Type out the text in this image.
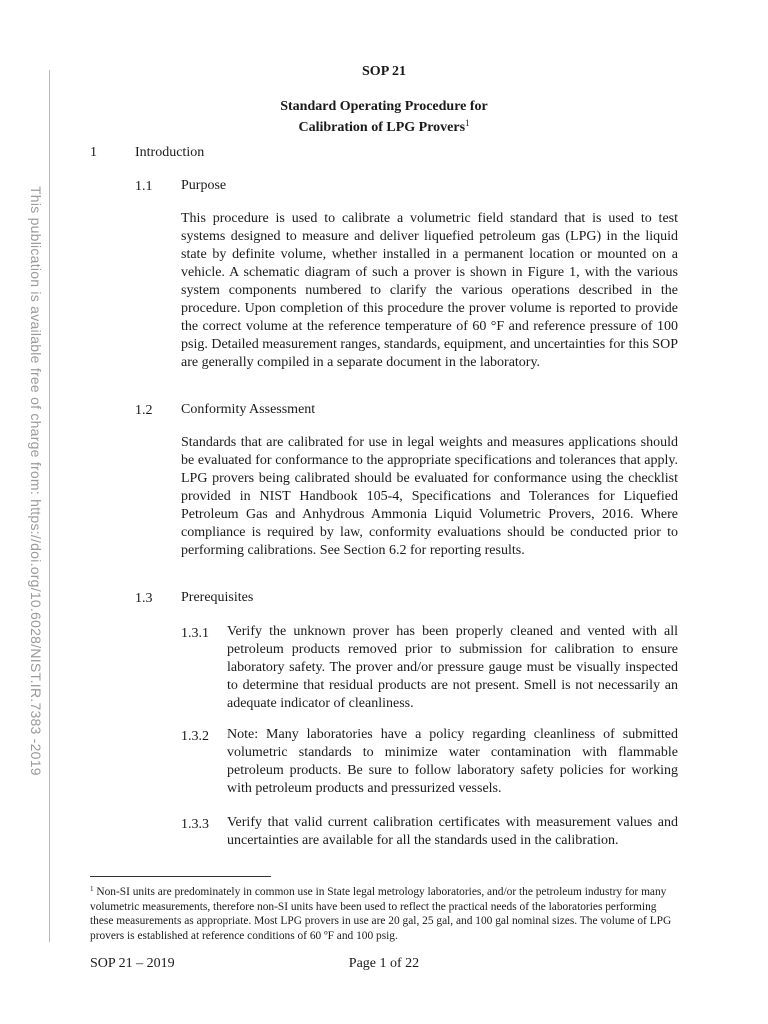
This publication is available free of charge from: https://doi.org/10.6028/NIST.IR.7383 -2019
SOP 21
Standard Operating Procedure for
Calibration of LPG Provers$^1$
1	Introduction
1.1 Purpose
This procedure is used to calibrate a volumetric field standard that is used to test systems designed to measure and deliver liquefied petroleum gas (LPG) in the liquid state by definite volume, whether installed in a permanent location or mounted on a vehicle. A schematic diagram of such a prover is shown in Figure 1, with the various system components numbered to clarify the various operations described in the procedure. Upon completion of this procedure the prover volume is reported to provide the correct volume at the reference temperature of 60 °F and reference pressure of 100 psig. Detailed measurement ranges, standards, equipment, and uncertainties for this SOP are generally compiled in a separate document in the laboratory.
1.2 Conformity Assessment
Standards that are calibrated for use in legal weights and measures applications should be evaluated for conformance to the appropriate specifications and tolerances that apply. LPG provers being calibrated should be evaluated for conformance using the checklist provided in NIST Handbook 105-4, Specifications and Tolerances for Liquefied Petroleum Gas and Anhydrous Ammonia Liquid Volumetric Provers, 2016. Where compliance is required by law, conformity evaluations should be conducted prior to performing calibrations. See Section 6.2 for reporting results.
1.3 Prerequisites
1.3.1 Verify the unknown prover has been properly cleaned and vented with all petroleum products removed prior to submission for calibration to ensure laboratory safety. The prover and/or pressure gauge must be visually inspected to determine that residual products are not present. Smell is not necessarily an adequate indicator of cleanliness.
1.3.2 Note: Many laboratories have a policy regarding cleanliness of submitted volumetric standards to minimize water contamination with flammable petroleum products. Be sure to follow laboratory safety policies for working with petroleum products and pressurized vessels.
1.3.3 Verify that valid current calibration certificates with measurement values and uncertainties are available for all the standards used in the calibration.
$^1$ Non-SI units are predominately in common use in State legal metrology laboratories, and/or the petroleum industry for many volumetric measurements, therefore non-SI units have been used to reflect the practical needs of the laboratories performing these measurements as appropriate. Most LPG provers in use are 20 gal, 25 gal, and 100 gal nominal sizes. The volume of LPG provers is established at reference conditions of 60 ºF and 100 psig.
SOP 21 – 2019	Page 1 of 22
